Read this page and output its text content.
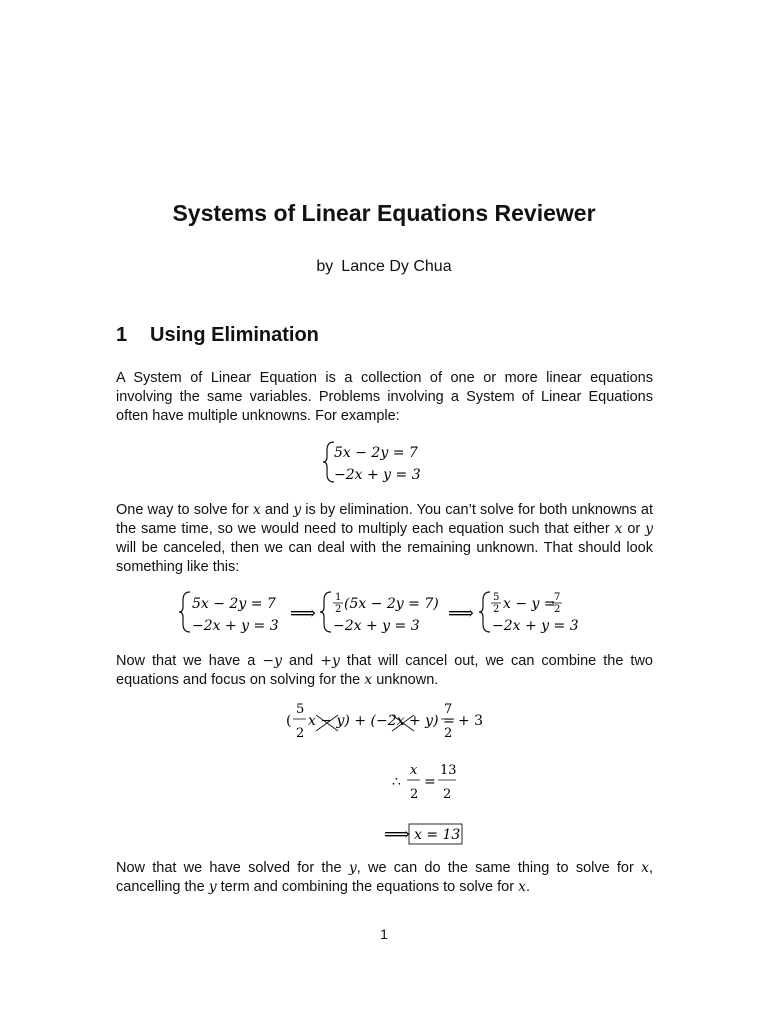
Systems of Linear Equations Reviewer
by Lance Dy Chua
1 Using Elimination
A System of Linear Equation is a collection of one or more linear equations involving the same variables. Problems involving a System of Linear Equations often have multiple unknowns. For example:
5x − 2y = 7
−2x + y = 3
One way to solve for x and y is by elimination. You can’t solve for both unknowns at the same time, so we would need to multiply each equation such that either x or y will be canceled, then we can deal with the remaining unknown. That should look something like this:
5x − 2y = 7
−2x + y = 3
⟹
1
2 (5x − 2y = 7)
−2x + y = 3
⟹
5
2 x − y =
7
2
−2x + y = 3
Now that we have a −y and +y that will cancel out, we can combine the two equations and focus on solving for the x unknown.
(
5
2
x − y) + (−2x + y) =
7
2
+ 3
∴
x
2
=
13
2
⟹ x = 13
Now that we have solved for the y, we can do the same thing to solve for x, cancelling the y term and combining the equations to solve for x.
1
